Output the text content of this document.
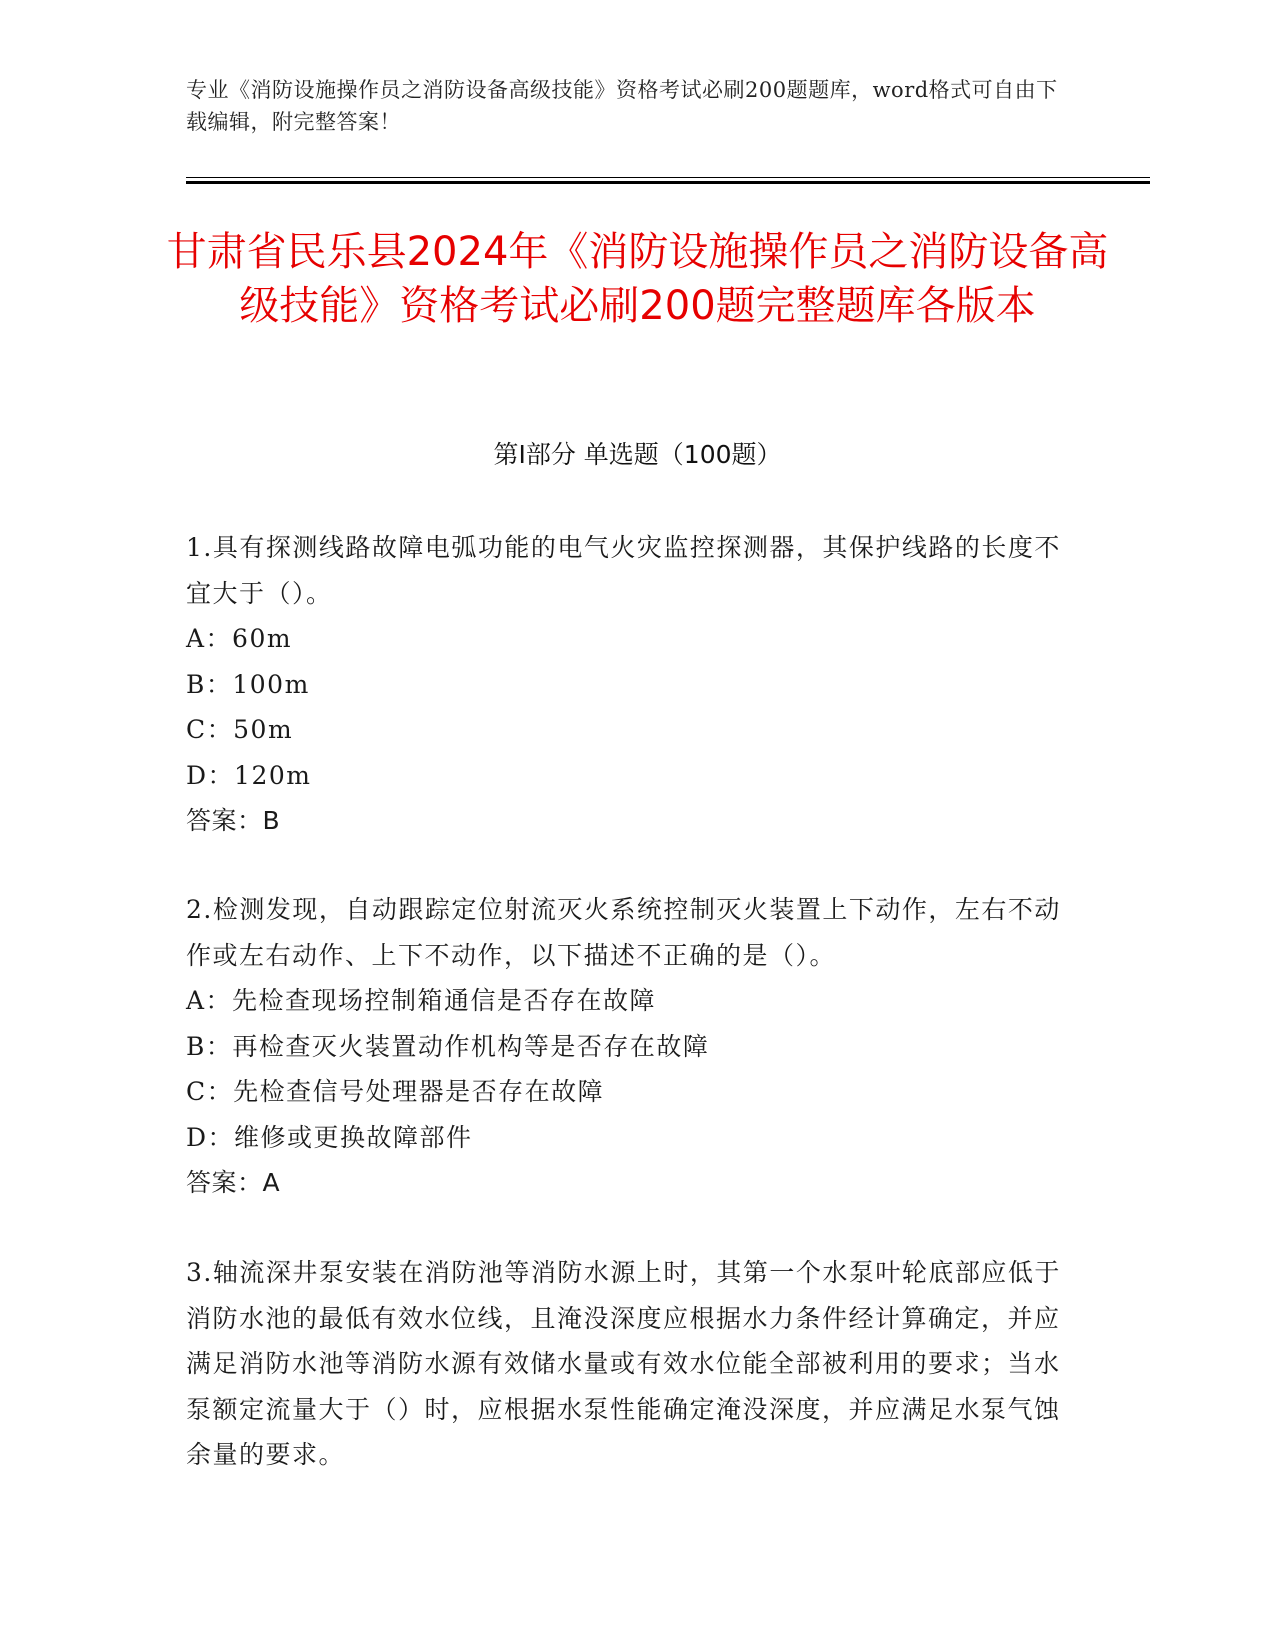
专业《消防设施操作员之消防设备高级技能》资格考试必刷200题题库，word格式可自由下载编辑，附完整答案！
甘肃省民乐县2024年《消防设施操作员之消防设备高级技能》资格考试必刷200题完整题库各版本
第I部分 单选题（100题）
1.具有探测线路故障电弧功能的电气火灾监控探测器，其保护线路的长度不宜大于（）。
A：60m
B：100m
C：50m
D：120m
答案：B
2.检测发现，自动跟踪定位射流灭火系统控制灭火装置上下动作，左右不动作或左右动作、上下不动作，以下描述不正确的是（）。
A：先检查现场控制箱通信是否存在故障
B：再检查灭火装置动作机构等是否存在故障
C：先检查信号处理器是否存在故障
D：维修或更换故障部件
答案：A
3.轴流深井泵安装在消防池等消防水源上时，其第一个水泵叶轮底部应低于消防水池的最低有效水位线，且淹没深度应根据水力条件经计算确定，并应满足消防水池等消防水源有效储水量或有效水位能全部被利用的要求；当水泵额定流量大于（）时，应根据水泵性能确定淹没深度，并应满足水泵气蚀余量的要求。
